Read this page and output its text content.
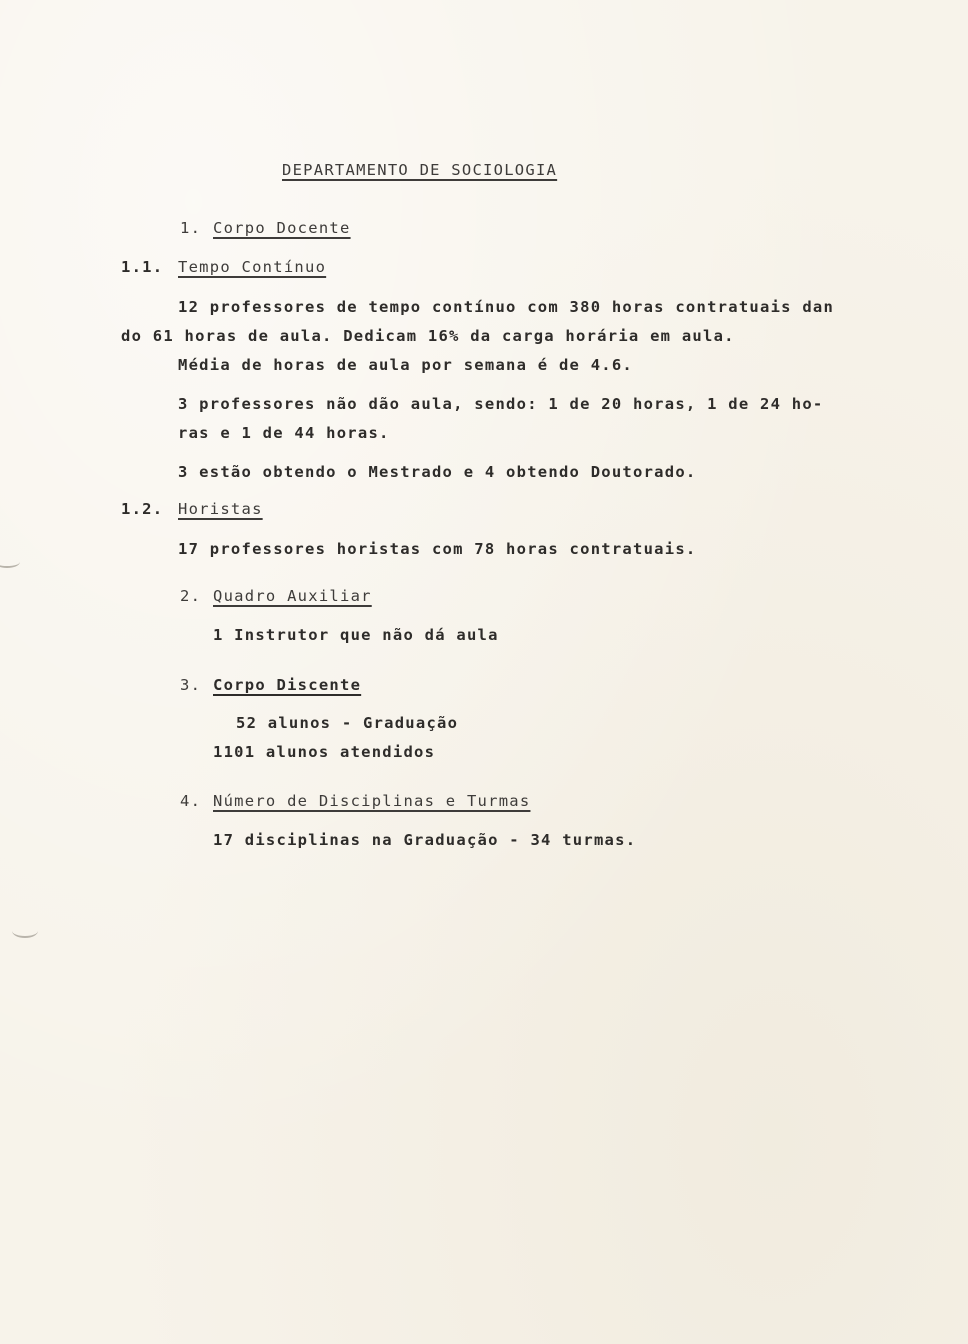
DEPARTAMENTO DE SOCIOLOGIA
1. Corpo Docente
1.1. Tempo Contínuo
12 professores de tempo contínuo com 380 horas contratuais dan
do 61 horas de aula. Dedicam 16% da carga horária em aula.
Média de horas de aula por semana é de 4.6.
3 professores não dão aula, sendo: 1 de 20 horas, 1 de 24 ho-
ras e 1 de 44 horas.
3 estão obtendo o Mestrado e 4 obtendo Doutorado.
1.2. Horistas
17 professores horistas com 78 horas contratuais.
2. Quadro Auxiliar
1 Instrutor que não dá aula
3. Corpo Discente
52 alunos - Graduação
1101 alunos atendidos
4. Número de Disciplinas e Turmas
17 disciplinas na Graduação - 34 turmas.
